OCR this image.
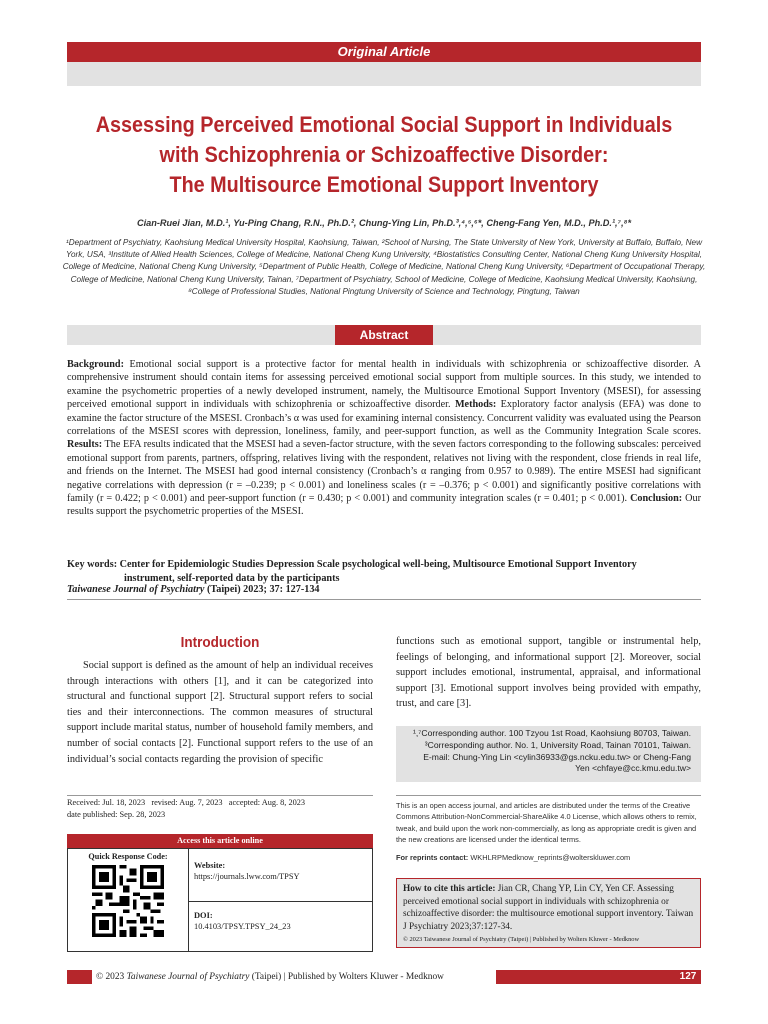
Original Article
Assessing Perceived Emotional Social Support in Individuals
with Schizophrenia or Schizoaffective Disorder:
The Multisource Emotional Support Inventory
Cian-Ruei Jian, M.D.¹, Yu-Ping Chang, R.N., Ph.D.², Chung-Ying Lin, Ph.D.³,⁴,⁵,⁶*, Cheng-Fang Yen, M.D., Ph.D.¹,⁷,⁸*
¹Department of Psychiatry, Kaohsiung Medical University Hospital, Kaohsiung, Taiwan, ²School of Nursing, The State University of New York, University at Buffalo, Buffalo, New York, USA, ³Institute of Allied Health Sciences, College of Medicine, National Cheng Kung University, ⁴Biostatistics Consulting Center, National Cheng Kung University Hospital, College of Medicine, National Cheng Kung University, ⁵Department of Public Health, College of Medicine, National Cheng Kung University, ⁶Department of Occupational Therapy, College of Medicine, National Cheng Kung University, Tainan, ⁷Department of Psychiatry, School of Medicine, College of Medicine, Kaohsiung Medical University, Kaohsiung, ⁸College of Professional Studies, National Pingtung University of Science and Technology, Pingtung, Taiwan
Abstract
Background: Emotional social support is a protective factor for mental health in individuals with schizophrenia or schizoaffective disorder. A comprehensive instrument should contain items for assessing perceived emotional social support from multiple sources. In this study, we intended to examine the psychometric properties of a newly developed instrument, namely, the Multisource Emotional Support Inventory (MSESI), for assessing perceived emotional support in individuals with schizophrenia or schizoaffective disorder. Methods: Exploratory factor analysis (EFA) was done to examine the factor structure of the MSESI. Cronbach’s α was used for examining internal consistency. Concurrent validity was evaluated using the Pearson correlations of the MSESI scores with depression, loneliness, family, and peer-support function, as well as the Community Integration Scale scores. Results: The EFA results indicated that the MSESI had a seven-factor structure, with the seven factors corresponding to the following subscales: perceived emotional support from parents, partners, offspring, relatives living with the respondent, relatives not living with the respondent, close friends in real life, and friends on the Internet. The MSESI had good internal consistency (Cronbach’s α ranging from 0.957 to 0.989). The entire MSESI had significant negative correlations with depression (r = –0.239; p < 0.001) and loneliness scales (r = –0.376; p < 0.001) and significantly positive correlations with family (r = 0.422; p < 0.001) and peer-support function (r = 0.430; p < 0.001) and community integration scales (r = 0.401; p < 0.001). Conclusion: Our results support the psychometric properties of the MSESI.
Key words: Center for Epidemiologic Studies Depression Scale psychological well-being, Multisource Emotional Support Inventory
instrument, self-reported data by the participants
Taiwanese Journal of Psychiatry (Taipei) 2023; 37: 127-134
Introduction
Social support is defined as the amount of help an individual receives through interactions with others [1], and it can be categorized into structural and functional support [2]. Structural support refers to social ties and their interconnections. The common measures of structural support include marital status, number of household family members, and number of social contacts [2]. Functional support refers to the use of an individual’s social contacts regarding the provision of specific
functions such as emotional support, tangible or instrumental help, feelings of belonging, and informational support [2]. Moreover, social support includes emotional, instrumental, appraisal, and informational support [3]. Emotional support involves being provided with empathy, trust, and care [3].
¹,⁷Corresponding author. 100 Tzyou 1st Road, Kaohsiung 80703, Taiwan.
³Corresponding author. No. 1, University Road, Tainan 70101, Taiwan.
E-mail: Chung-Ying Lin <cylin36933@gs.ncku.edu.tw> or Cheng-Fang
Yen <chfaye@cc.kmu.edu.tw>
Received: Jul. 18, 2023   revised: Aug. 7, 2023   accepted: Aug. 8, 2023
date published: Sep. 28, 2023
Access this article online
Quick Response Code:
Website:
https://journals.lww.com/TPSY
DOI:
10.4103/TPSY.TPSY_24_23
This is an open access journal, and articles are distributed under the terms of the Creative Commons Attribution-NonCommercial-ShareAlike 4.0 License, which allows others to remix, tweak, and build upon the work non-commercially, as long as appropriate credit is given and the new creations are licensed under the identical terms.
For reprints contact: WKHLRPMedknow_reprints@wolterskluwer.com
How to cite this article: Jian CR, Chang YP, Lin CY, Yen CF. Assessing perceived emotional social support in individuals with schizophrenia or schizoaffective disorder: the multisource emotional support inventory. Taiwan J Psychiatry 2023;37:127-34.
© 2023 Taiwanese Journal of Psychiatry (Taipei) | Published by Wolters Kluwer - Medknow
© 2023 Taiwanese Journal of Psychiatry (Taipei) | Published by Wolters Kluwer - Medknow	127
